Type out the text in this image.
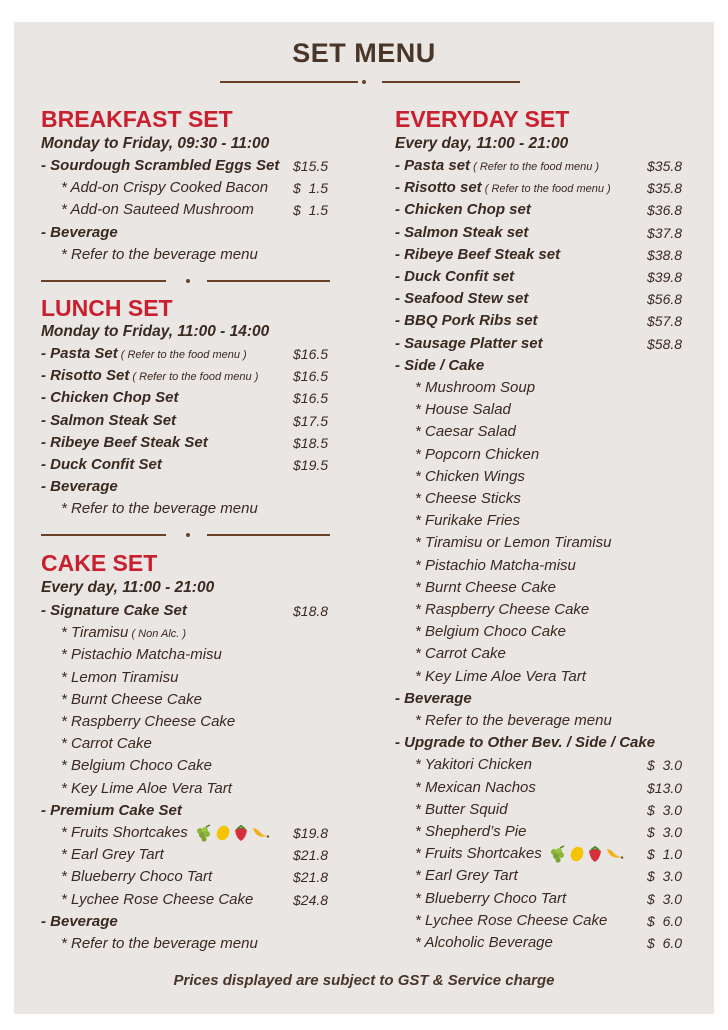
SET MENU
BREAKFAST SET
Monday to Friday, 09:30 - 11:00
- Sourdough Scrambled Eggs Set $15.5
* Add-on Crispy Cooked Bacon $  1.5
* Add-on Sauteed Mushroom	$  1.5
- Beverage
* Refer to the beverage menu
LUNCH SET
Monday to Friday, 11:00 - 14:00
- Pasta Set ( Refer to the food menu )	$16.5
- Risotto Set ( Refer to the food menu ) $16.5
- Chicken Chop Set	$16.5
- Salmon Steak Set	$17.5
- Ribeye Beef Steak Set	$18.5
- Duck Confit Set	$19.5
- Beverage
* Refer to the beverage menu
CAKE SET
Every day, 11:00 - 21:00
- Signature Cake Set	$18.8
* Tiramisu ( Non Alc. )
* Pistachio Matcha-misu
* Lemon Tiramisu
* Burnt Cheese Cake
* Raspberry Cheese Cake
* Carrot Cake
* Belgium Choco Cake
* Key Lime Aloe Vera Tart
- Premium Cake Set
* Fruits Shortcakes	$19.8
* Earl Grey Tart	$21.8
* Blueberry Choco Tart	$21.8
* Lychee Rose Cheese Cake	$24.8
- Beverage
* Refer to the beverage menu
EVERYDAY SET
Every day, 11:00 - 21:00
- Pasta set ( Refer to the food menu )	$35.8
- Risotto set ( Refer to the food menu )	$35.8
- Chicken Chop set	$36.8
- Salmon Steak set	$37.8
- Ribeye Beef Steak set	$38.8
- Duck Confit set	$39.8
- Seafood Stew set	$56.8
- BBQ Pork Ribs set	$57.8
- Sausage Platter set	$58.8
- Side / Cake
* Mushroom Soup
* House Salad
* Caesar Salad
* Popcorn Chicken
* Chicken Wings
* Cheese Sticks
* Furikake Fries
* Tiramisu or Lemon Tiramisu
* Pistachio Matcha-misu
* Burnt Cheese Cake
* Raspberry Cheese Cake
* Belgium Choco Cake
* Carrot Cake
* Key Lime Aloe Vera Tart
- Beverage
* Refer to the beverage menu
- Upgrade to Other Bev. / Side / Cake
* Yakitori Chicken	$  3.0
* Mexican Nachos	$13.0
* Butter Squid	$  3.0
* Shepherd’s Pie	$  3.0
* Fruits Shortcakes	$  1.0
* Earl Grey Tart	$  3.0
* Blueberry Choco Tart	$  3.0
* Lychee Rose Cheese Cake	$  6.0
* Alcoholic Beverage	$  6.0
Prices displayed are subject to GST & Service charge
